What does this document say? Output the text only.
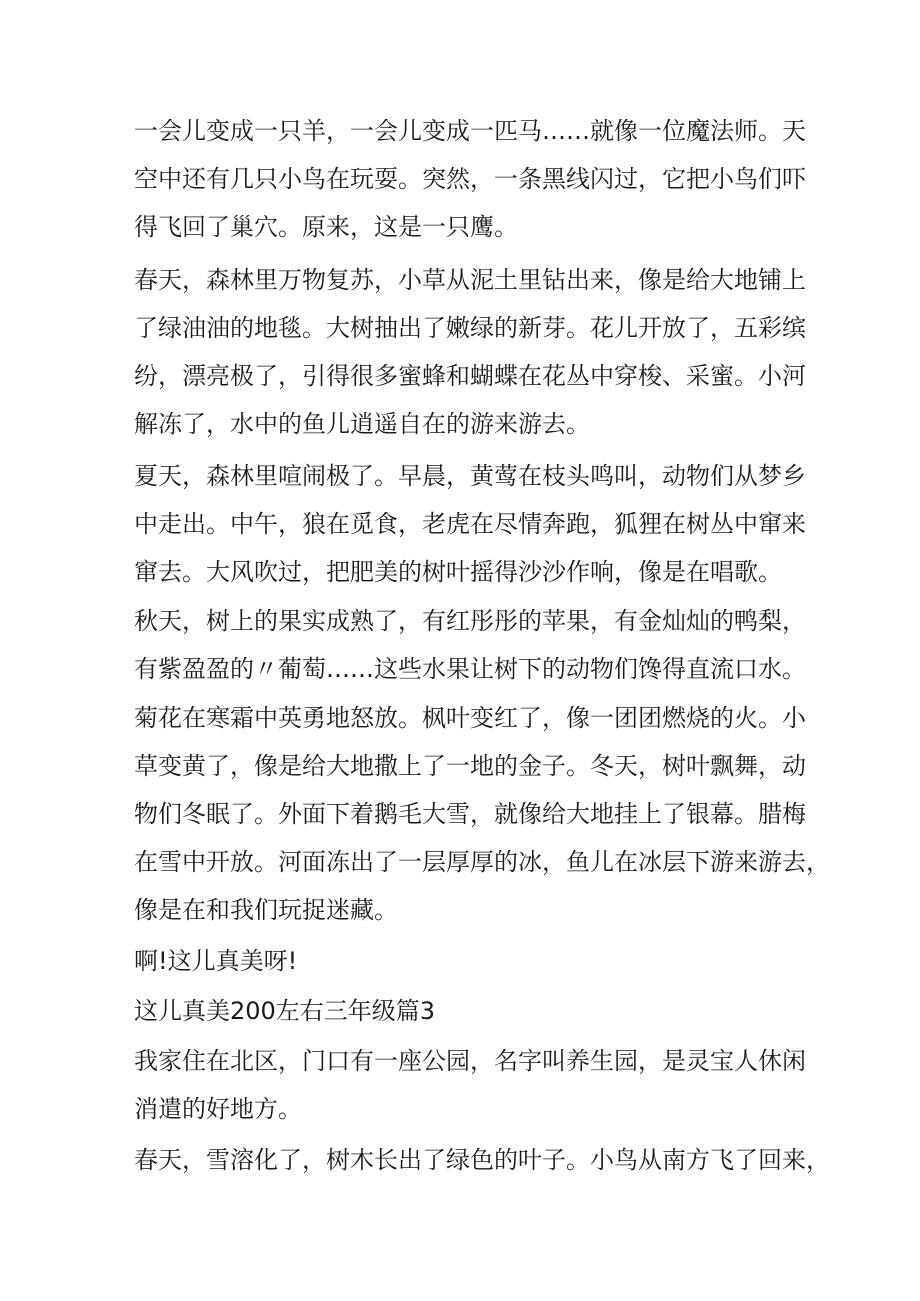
一会儿变成一只羊，一会儿变成一匹马……就像一位魔法师。天

空中还有几只小鸟在玩耍。突然，一条黑线闪过，它把小鸟们吓

得飞回了巢穴。原来，这是一只鹰。

春天，森林里万物复苏，小草从泥土里钻出来，像是给大地铺上

了绿油油的地毯。大树抽出了嫩绿的新芽。花儿开放了，五彩缤

纷，漂亮极了，引得很多蜜蜂和蝴蝶在花丛中穿梭、采蜜。小河

解冻了，水中的鱼儿逍遥自在的游来游去。

夏天，森林里喧闹极了。早晨，黄莺在枝头鸣叫，动物们从梦乡

中走出。中午，狼在觅食，老虎在尽情奔跑，狐狸在树丛中窜来

窜去。大风吹过，把肥美的树叶摇得沙沙作响，像是在唱歌。

秋天，树上的果实成熟了，有红彤彤的苹果，有金灿灿的鸭梨，

有紫盈盈的〃葡萄……这些水果让树下的动物们馋得直流口水。

菊花在寒霜中英勇地怒放。枫叶变红了，像一团团燃烧的火。小

草变黄了，像是给大地撒上了一地的金子。冬天，树叶飘舞，动

物们冬眠了。外面下着鹅毛大雪，就像给大地挂上了银幕。腊梅

在雪中开放。河面冻出了一层厚厚的冰，鱼儿在冰层下游来游去，

像是在和我们玩捉迷藏。

啊!这儿真美呀!

这儿真美200左右三年级篇3

我家住在北区，门口有一座公园，名字叫养生园，是灵宝人休闲

消遣的好地方。

春天，雪溶化了，树木长出了绿色的叶子。小鸟从南方飞了回来，
